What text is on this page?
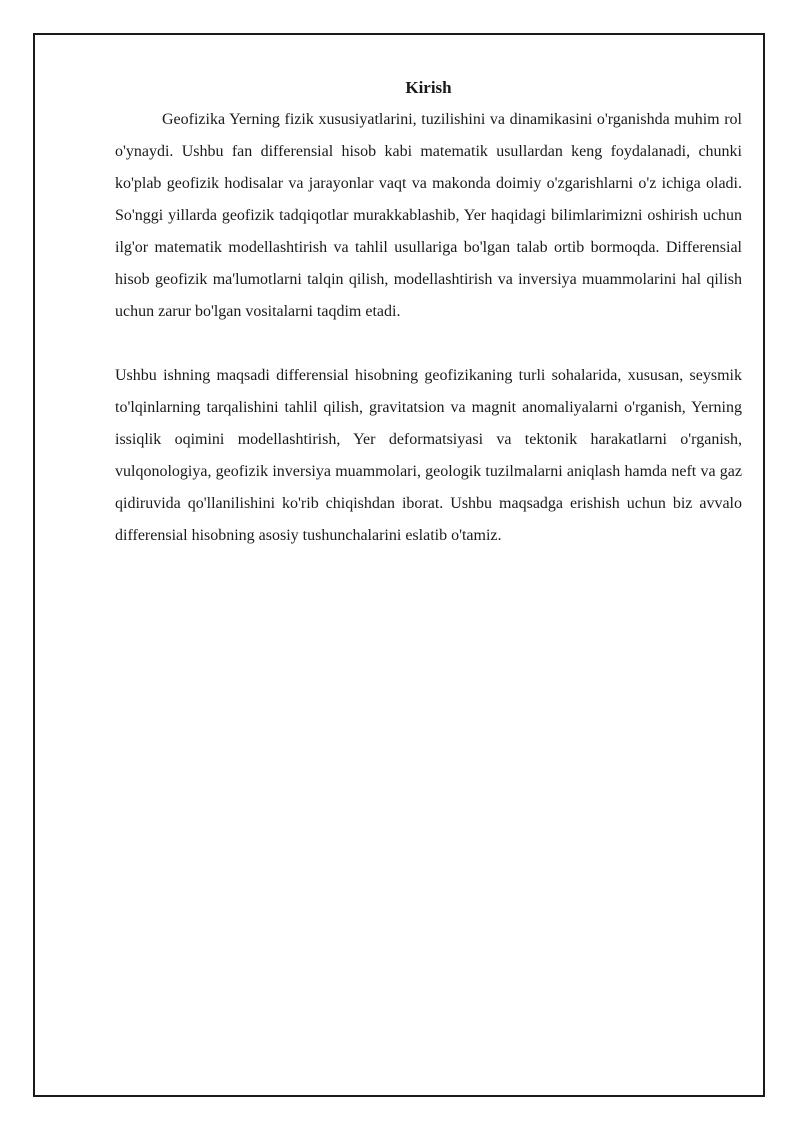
Kirish

Geofizika Yerning fizik xususiyatlarini, tuzilishini va dinamikasini o'rganishda muhim rol o'ynaydi. Ushbu fan differensial hisob kabi matematik usullardan keng foydalanadi, chunki ko'plab geofizik hodisalar va jarayonlar vaqt va makonda doimiy o'zgarishlarni o'z ichiga oladi. So'nggi yillarda geofizik tadqiqotlar murakkablashib, Yer haqidagi bilimlarimizni oshirish uchun ilg'or matematik modellashtirish va tahlil usullariga bo'lgan talab ortib bormoqda. Differensial hisob geofizik ma'lumotlarni talqin qilish, modellashtirish va inversiya muammolarini hal qilish uchun zarur bo'lgan vositalarni taqdim etadi.

Ushbu ishning maqsadi differensial hisobning geofizikaning turli sohalarida, xususan, seysmik to'lqinlarning tarqalishini tahlil qilish, gravitatsion va magnit anomaliyalarni o'rganish, Yerning issiqlik oqimini modellashtirish, Yer deformatsiyasi va tektonik harakatlarni o'rganish, vulqonologiya, geofizik inversiya muammolari, geologik tuzilmalarni aniqlash hamda neft va gaz qidiruvida qo'llanilishini ko'rib chiqishdan iborat. Ushbu maqsadga erishish uchun biz avvalo differensial hisobning asosiy tushunchalarini eslatib o'tamiz.
